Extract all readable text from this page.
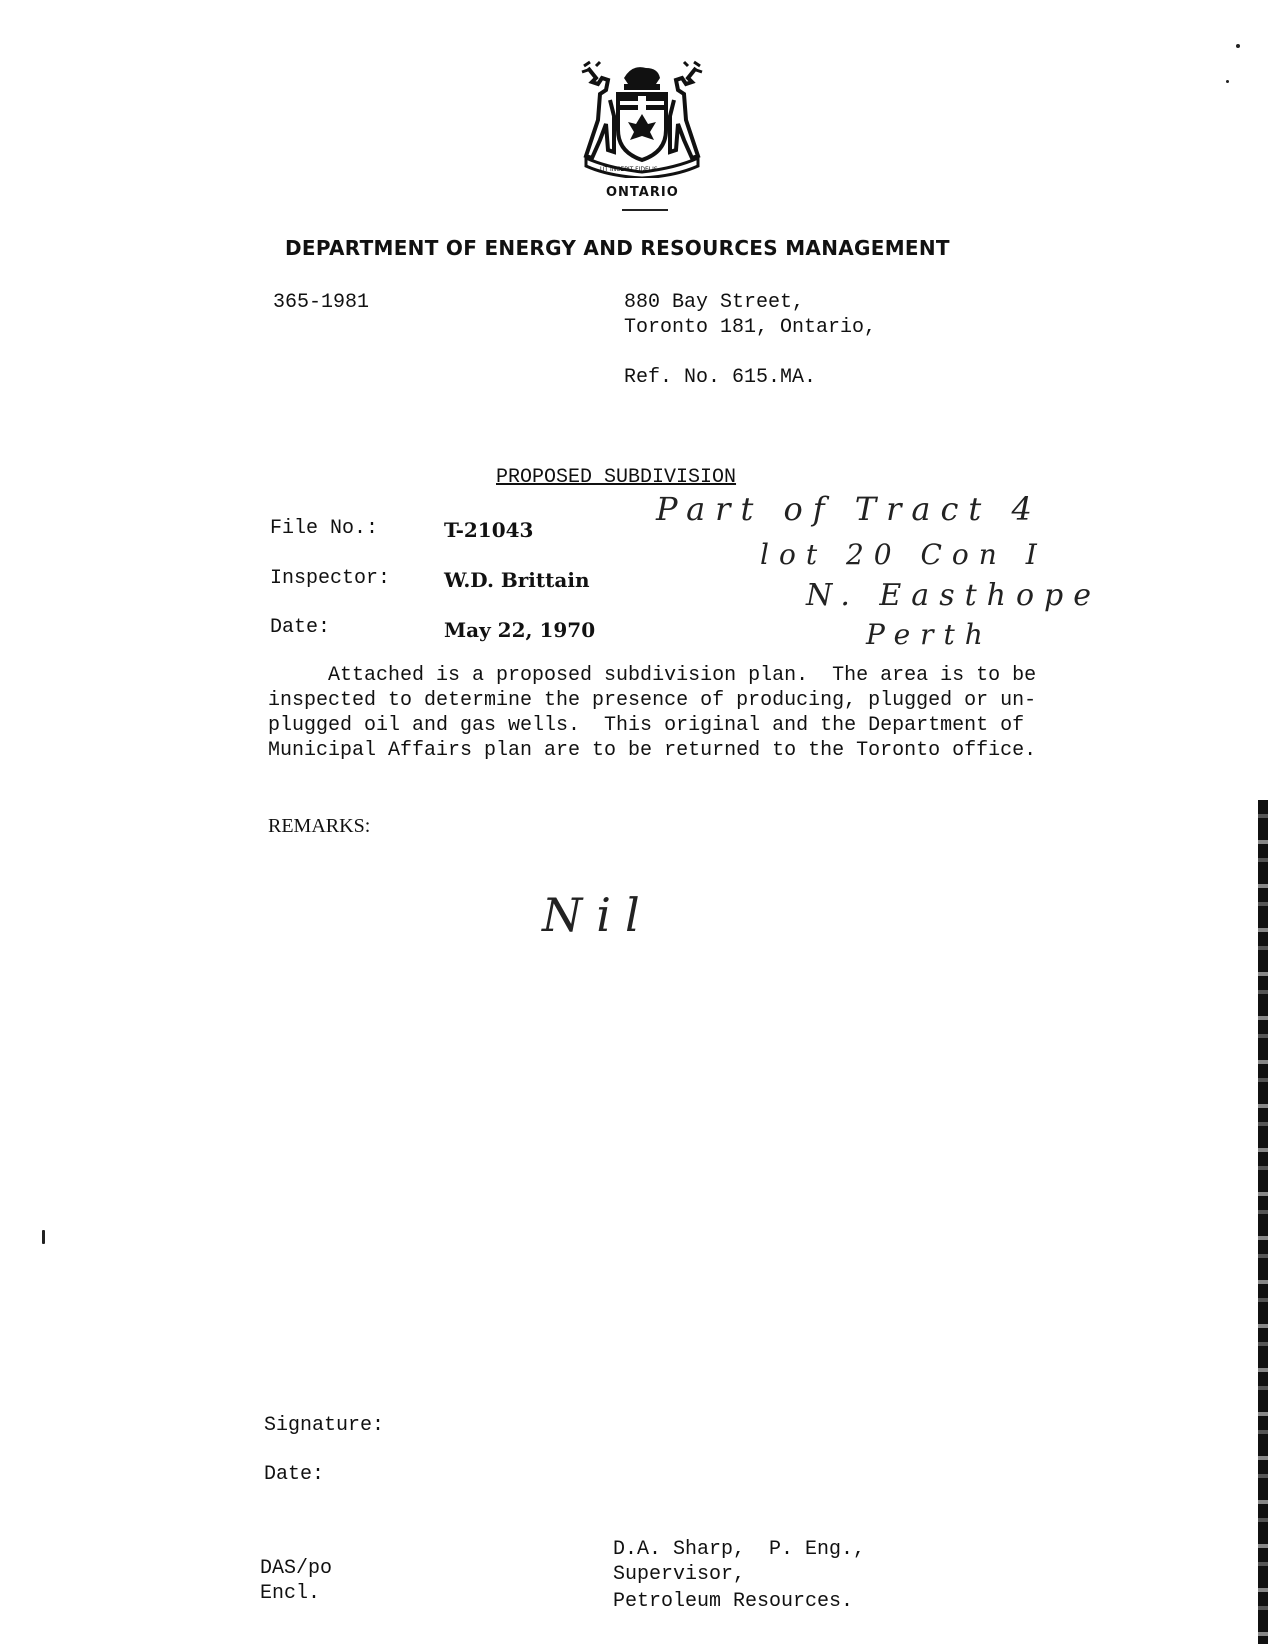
UT INCEPIT FIDELIS
ONTARIO
DEPARTMENT OF ENERGY AND RESOURCES MANAGEMENT
365-1981	880 Bay Street,
Toronto 181, Ontario,
Ref. No. 615.MA.
PROPOSED SUBDIVISION
File No.:	T-21043
Inspector:	W.D. Brittain
Date:	May 22, 1970
Part of Tract 4
lot 20 Con I
N. Easthope
Perth
Attached is a proposed subdivision plan.  The area is to be
inspected to determine the presence of producing, plugged or un-
plugged oil and gas wells.  This original and the Department of
Municipal Affairs plan are to be returned to the Toronto office.
REMARKS:
Nil
Signature:
Date:
DAS/po
Encl.
D.A. Sharp,  P. Eng.,
Supervisor,
Petroleum Resources.
